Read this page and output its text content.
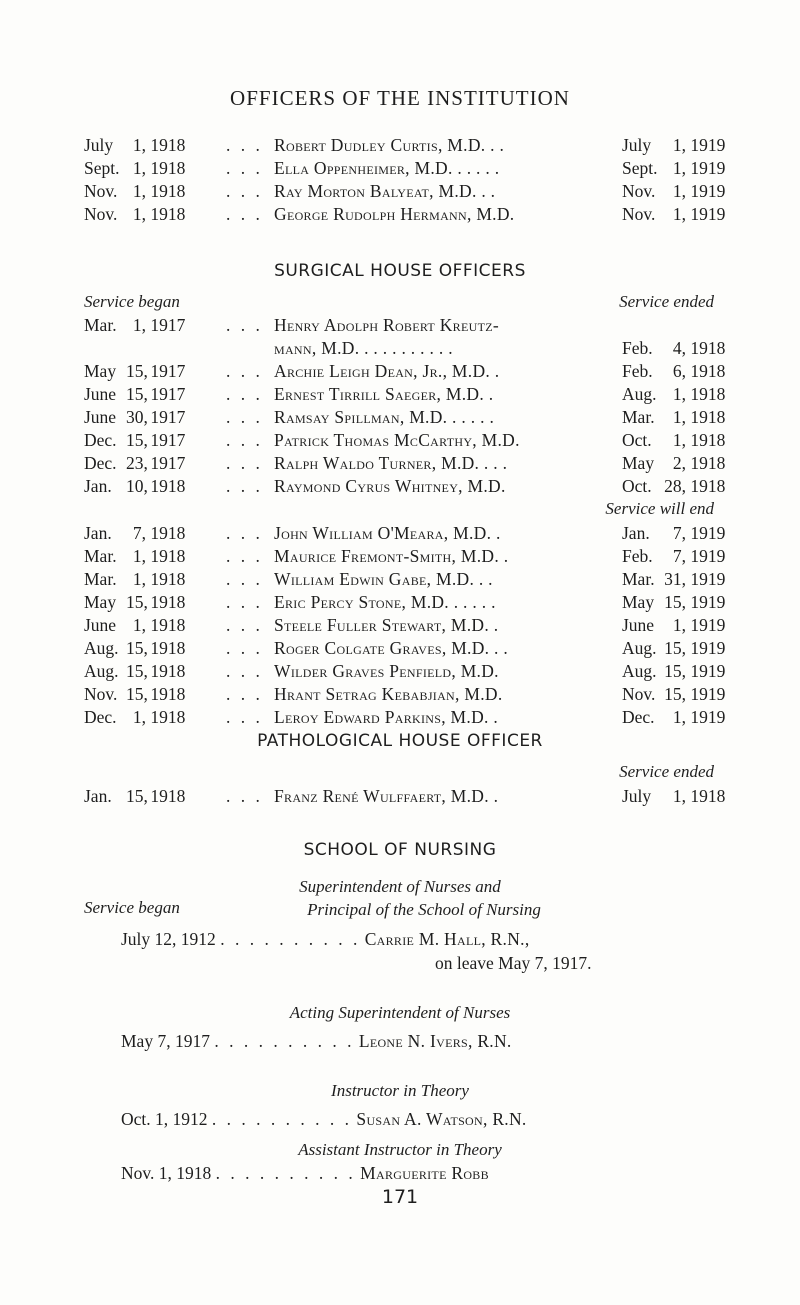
OFFICERS OF THE INSTITUTION
July 1, 1918 . . . Robert Dudley Curtis, M.D. . .	July 1, 1919
Sept. 1, 1918 . . . Ella Oppenheimer, M.D. . . . . .	Sept. 1, 1919
Nov. 1, 1918 . . . Ray Morton Balyeat, M.D. . .	Nov. 1, 1919
Nov. 1, 1918 . . . George Rudolph Hermann, M.D.	Nov. 1, 1919
SURGICAL HOUSE OFFICERS
Service began	Service ended
Mar. 1, 1917 . . . Henry Adolph Robert Kreutz-
mann, M.D. . . . . . . . . . .	Feb. 4, 1918
May 15, 1917 . . . Archie Leigh Dean, Jr., M.D. .	Feb. 6, 1918
June 15, 1917 . . . Ernest Tirrill Saeger, M.D. .	Aug. 1, 1918
June 30, 1917 . . . Ramsay Spillman, M.D. . . . . .	Mar. 1, 1918
Dec. 15, 1917 . . . Patrick Thomas McCarthy, M.D.	Oct. 1, 1918
Dec. 23, 1917 . . . Ralph Waldo Turner, M.D. . . .	May 2, 1918
Jan. 10, 1918 . . . Raymond Cyrus Whitney, M.D.	Oct. 28, 1918
Service will end
Jan. 7, 1918 . . . John William O'Meara, M.D. .	Jan. 7, 1919
Mar. 1, 1918 . . . Maurice Fremont-Smith, M.D. .	Feb. 7, 1919
Mar. 1, 1918 . . . William Edwin Gabe, M.D. . .	Mar. 31, 1919
May 15, 1918 . . . Eric Percy Stone, M.D. . . . . .	May 15, 1919
June 1, 1918 . . . Steele Fuller Stewart, M.D. .	June 1, 1919
Aug. 15, 1918 . . . Roger Colgate Graves, M.D. . .	Aug. 15, 1919
Aug. 15, 1918 . . . Wilder Graves Penfield, M.D.	Aug. 15, 1919
Nov. 15, 1918 . . . Hrant Setrag Kebabjian, M.D.	Nov. 15, 1919
Dec. 1, 1918 . . . Leroy Edward Parkins, M.D. .	Dec. 1, 1919
PATHOLOGICAL HOUSE OFFICER
Service ended
Jan. 15, 1918 . . . Franz René Wulffaert, M.D. .	July 1, 1918
SCHOOL OF NURSING
Superintendent of Nurses and
Principal of the School of Nursing
Service began
July 12, 1912 . . . . . . . . . . Carrie M. Hall, R.N.,
on leave May 7, 1917.
Acting Superintendent of Nurses
May 7, 1917 . . . . . . . . . . Leone N. Ivers, R.N.
Instructor in Theory
Oct. 1, 1912 . . . . . . . . . . Susan A. Watson, R.N.
Assistant Instructor in Theory
Nov. 1, 1918 . . . . . . . . . . Marguerite Robb
171
